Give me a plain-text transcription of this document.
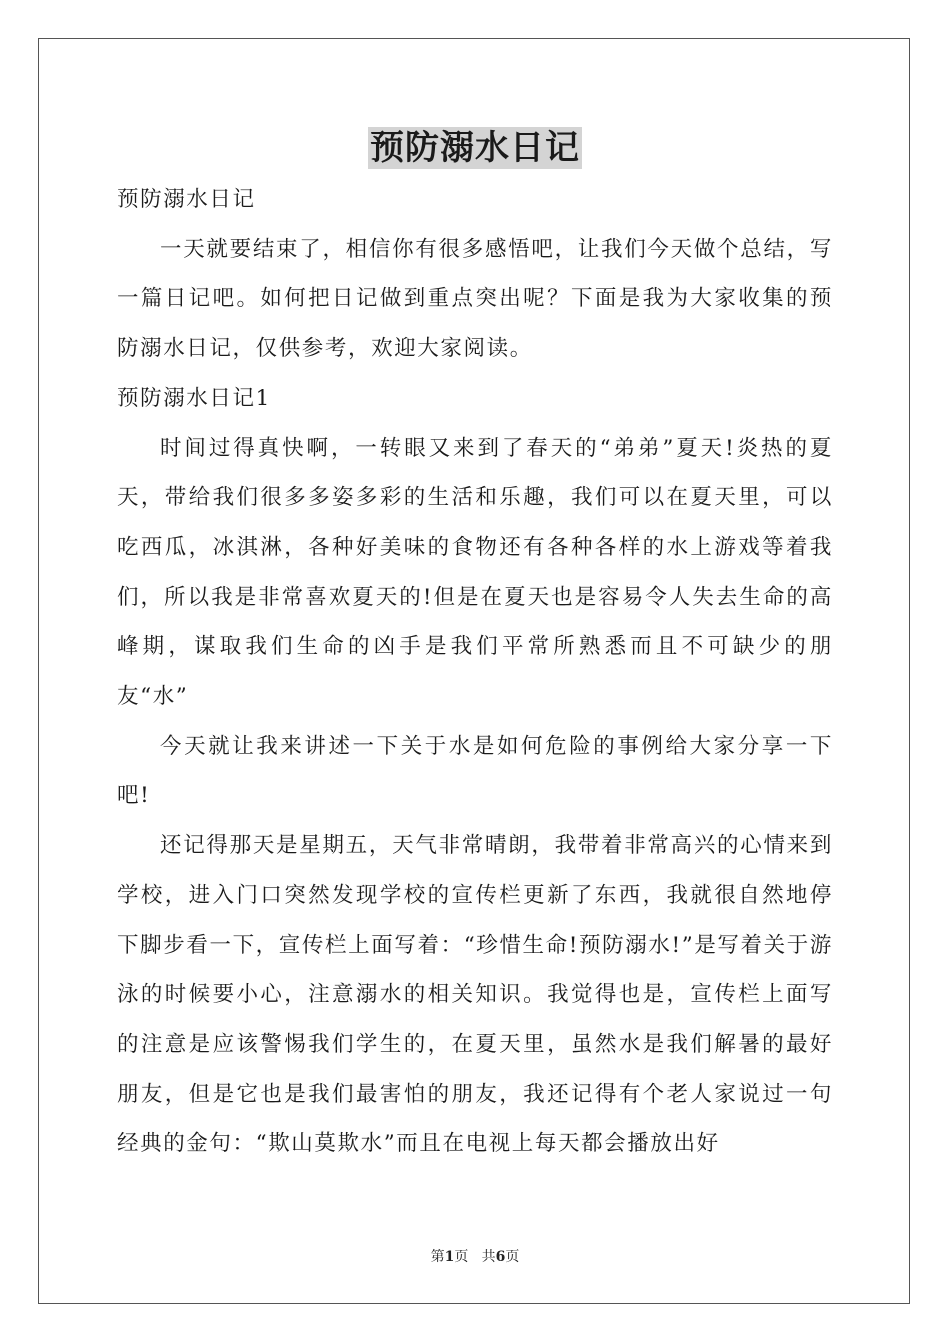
预防溺水日记

预防溺水日记

一天就要结束了，相信你有很多感悟吧，让我们今天做个总结，写一篇日记吧。如何把日记做到重点突出呢？下面是我为大家收集的预防溺水日记，仅供参考，欢迎大家阅读。

预防溺水日记1

时间过得真快啊，一转眼又来到了春天的“弟弟”夏天!炎热的夏天，带给我们很多多姿多彩的生活和乐趣，我们可以在夏天里，可以吃西瓜，冰淇淋，各种好美味的食物还有各种各样的水上游戏等着我们，所以我是非常喜欢夏天的!但是在夏天也是容易令人失去生命的高峰期，谋取我们生命的凶手是我们平常所熟悉而且不可缺少的朋友“水”

今天就让我来讲述一下关于水是如何危险的事例给大家分享一下吧!

还记得那天是星期五，天气非常晴朗，我带着非常高兴的心情来到学校，进入门口突然发现学校的宣传栏更新了东西，我就很自然地停下脚步看一下，宣传栏上面写着：“珍惜生命!预防溺水!”是写着关于游泳的时候要小心，注意溺水的相关知识。我觉得也是，宣传栏上面写的注意是应该警惕我们学生的，在夏天里，虽然水是我们解暑的最好朋友，但是它也是我们最害怕的朋友，我还记得有个老人家说过一句经典的金句：“欺山莫欺水”而且在电视上每天都会播放出好

第1页 共6页
